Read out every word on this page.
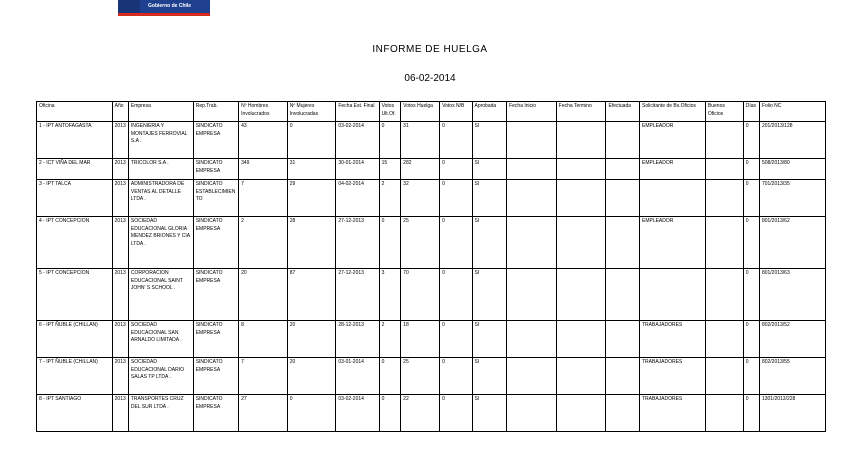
Gobierno de Chile
INFORME DE HUELGA
06-02-2014
Oficina	Año	Empresa	Rep.Trab.	Nº Hombres Involucrados	Nº Mujeres Involucradas	Fecha Est. Final	Votos Ult.Of.	Votos Huelga	Votos N/B	Aprobada	Fecha Inicio	Fecha Termino	Efectuada	Solicitante de Bs.Oficios	Buenos Oficios	Días	Folio NC
1 - IPT ANTOFAGASTA	2013	INGENIERIA Y MONTAJES FERROVIAL S.A .	SINDICATO EMPRESA	43	0	03-02-2014	0	31	0	SI				EMPLEADOR		0	201/2013/128
2 - ICT VIÑA DEL MAR	2013	TRICOLOR S.A .	SINDICATO EMPRESA	349	31	30-01-2014	15	282	0	SI				EMPLEADOR		0	508/2013/80
3 - IPT TALCA	2013	ADMINISTRADORA DE VENTAS AL DETALLE LTDA .	SINDICATO ESTABLECIMIENTO	7	29	04-02-2014	2	32	0	SI						0	701/2013/35
4 - IPT CONCEPCION	2013	SOCIEDAD EDUCACIONAL GLORIA MENDEZ BRIONES Y CIA LTDA .	SINDICATO EMPRESA	2	28	27-12-2013	0	25	0	SI				EMPLEADOR		0	801/2013/62
5 - IPT CONCEPCION	2013	CORPORACION EDUCACIONAL SAINT JOHN' S SCHOOL .	SINDICATO EMPRESA	20	87	27-12-2013	3	70	0	SI						0	801/2013/63
6 - IPT ÑUBLE (CHILLAN)	2013	SOCIEDAD EDUCACIONAL SAN ARNALDO LIMITADA .	SINDICATO EMPRESA	8	20	28-12-2013	2	18	0	SI				TRABAJADORES		0	802/2013/52
7 - IPT ÑUBLE (CHILLAN)	2013	SOCIEDAD EDUCACIONAL DARIO SALAS TP LTDA .	SINDICATO EMPRESA	7	20	03-01-2014	0	25	0	SI				TRABAJADORES		0	802/2013/55
8 - IPT SANTIAGO	2013	TRANSPORTES CRUZ DEL SUR LTDA .	SINDICATO EMPRESA	27	0	03-02-2014	0	22	0	SI				TRABAJADORES		0	1301/2013/228
